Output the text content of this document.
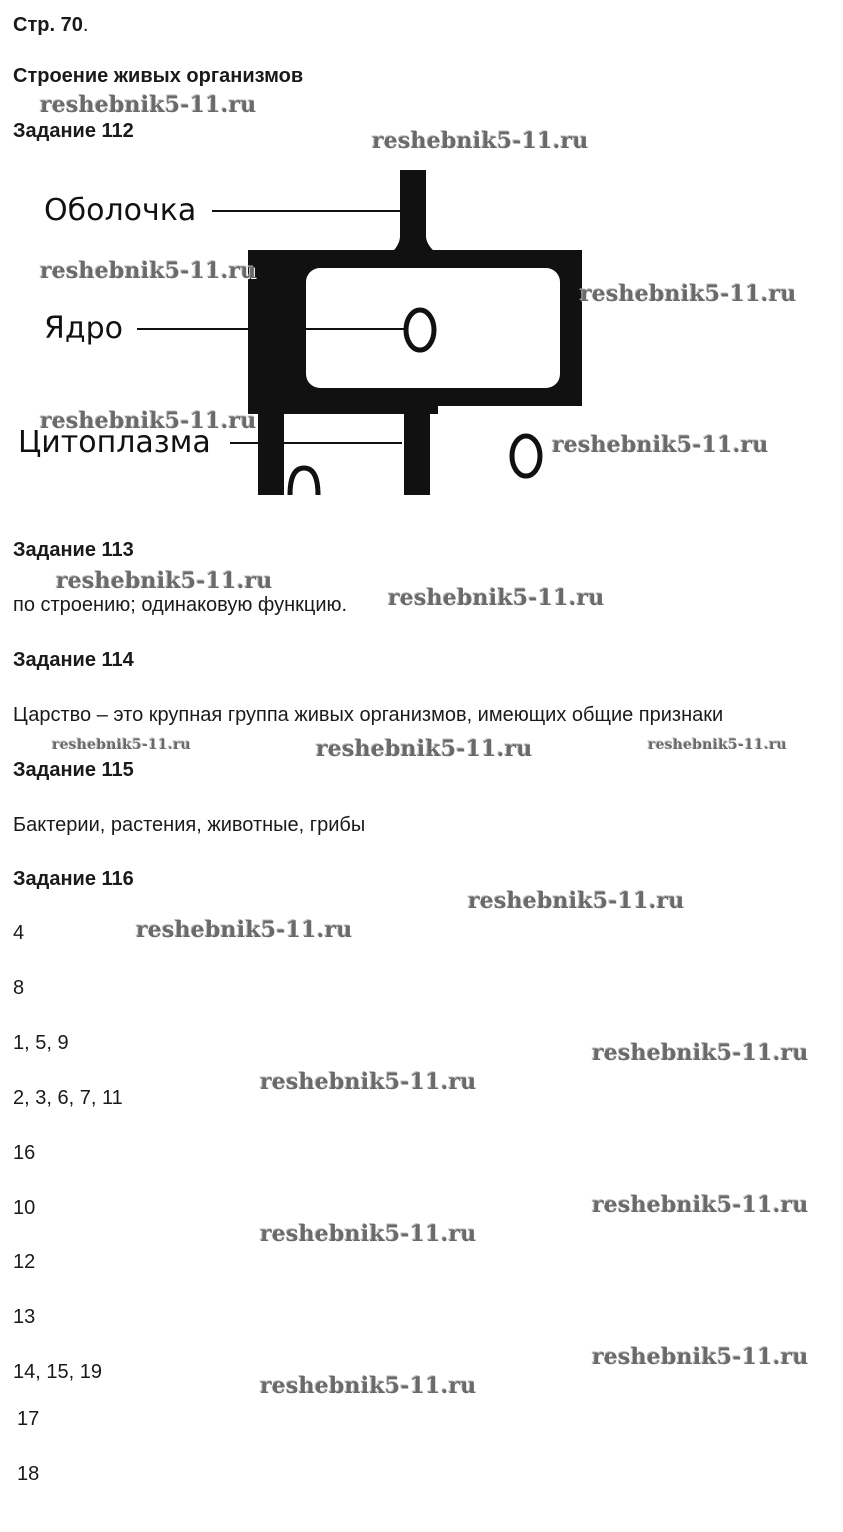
Стр. 70.
Строение живых организмов
Задание 112
Оболочка
Ядро
Цитоплазма
Задание 113
по строению; одинаковую функцию.
Задание 114
Царство – это крупная группа живых организмов, имеющих общие признаки
Задание 115
Бактерии, растения, животные, грибы
Задание 116
4
8
1, 5, 9
2, 3, 6, 7, 11
16
10
12
13
14, 15, 19
17
18
reshebnik5-11.ru
reshebnik5-11.ru
reshebnik5-11.ru
reshebnik5-11.ru
reshebnik5-11.ru
reshebnik5-11.ru
reshebnik5-11.ru
reshebnik5-11.ru
reshebnik5-11.ru	reshebnik5-11.ru	reshebnik5-11.ru
reshebnik5-11.ru
reshebnik5-11.ru
reshebnik5-11.ru
reshebnik5-11.ru
reshebnik5-11.ru
reshebnik5-11.ru
reshebnik5-11.ru
reshebnik5-11.ru
